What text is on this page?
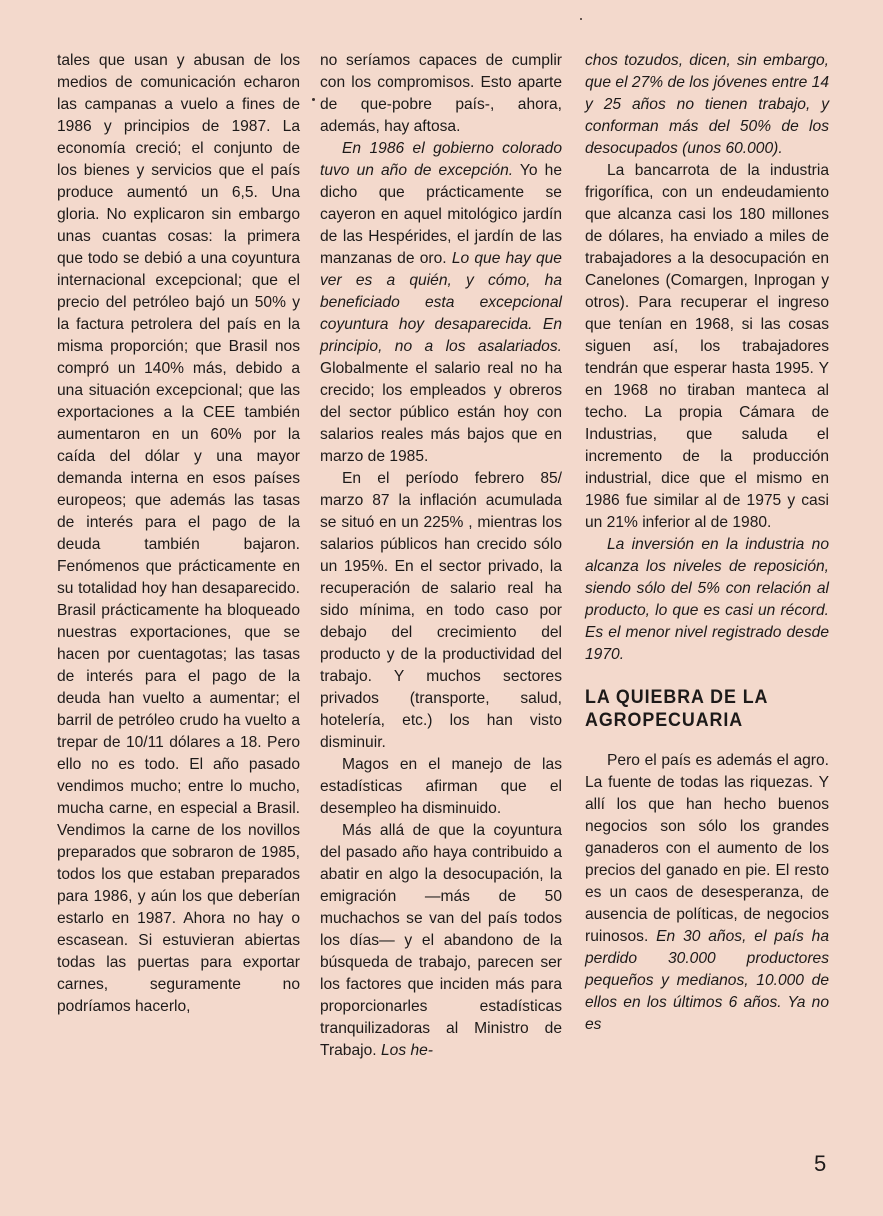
tales que usan y abusan de los medios de comunicación echaron las campanas a vuelo a fines de 1986 y principios de 1987. La economía creció; el conjunto de los bienes y servicios que el país produce aumentó un 6,5. Una gloria. No explicaron sin embargo unas cuantas cosas: la primera que todo se debió a una coyuntura internacional excepcional; que el precio del petróleo bajó un 50% y la factura petrolera del país en la misma proporción; que Brasil nos compró un 140% más, debido a una situación excepcional; que las exportaciones a la CEE también aumentaron en un 60% por la caída del dólar y una mayor demanda interna en esos países europeos; que además las tasas de interés para el pago de la deuda también bajaron. Fenómenos que prácticamente en su totalidad hoy han desaparecido. Brasil prácticamente ha bloqueado nuestras exportaciones, que se hacen por cuentagotas; las tasas de interés para el pago de la deuda han vuelto a aumentar; el barril de petróleo crudo ha vuelto a trepar de 10/11 dólares a 18. Pero ello no es todo. El año pasado vendimos mucho; entre lo mucho, mucha carne, en especial a Brasil. Vendimos la carne de los novillos preparados que sobraron de 1985, todos los que estaban preparados para 1986, y aún los que deberían estarlo en 1987. Ahora no hay o escasean. Si estuvieran abiertas todas las puertas para exportar carnes, seguramente no podríamos hacerlo,

no seríamos capaces de cumplir con los compromisos. Esto aparte de que-pobre país-, ahora, además, hay aftosa.

En 1986 el gobierno colorado tuvo un año de excepción. Yo he dicho que prácticamente se cayeron en aquel mitológico jardín de las Hespérides, el jardín de las manzanas de oro. Lo que hay que ver es a quién, y cómo, ha beneficiado esta excepcional coyuntura hoy desaparecida. En principio, no a los asalariados. Globalmente el salario real no ha crecido; los empleados y obreros del sector público están hoy con salarios reales más bajos que en marzo de 1985.

En el período febrero 85/ marzo 87 la inflación acumulada se situó en un 225% , mientras los salarios públicos han crecido sólo un 195%. En el sector privado, la recuperación de salario real ha sido mínima, en todo caso por debajo del crecimiento del producto y de la productividad del trabajo. Y muchos sectores privados (transporte, salud, hotelería, etc.) los han visto disminuir.

Magos en el manejo de las estadísticas afirman que el desempleo ha disminuido.

Más allá de que la coyuntura del pasado año haya contribuido a abatir en algo la desocupación, la emigración —más de 50 muchachos se van del país todos los días— y el abandono de la búsqueda de trabajo, parecen ser los factores que inciden más para proporcionarles estadísticas tranquilizadoras al Ministro de Trabajo. Los he-

chos tozudos, dicen, sin embargo, que el 27% de los jóvenes entre 14 y 25 años no tienen trabajo, y conforman más del 50% de los desocupados (unos 60.000).

La bancarrota de la industria frigorífica, con un endeudamiento que alcanza casi los 180 millones de dólares, ha enviado a miles de trabajadores a la desocupación en Canelones (Comargen, Inprogan y otros). Para recuperar el ingreso que tenían en 1968, si las cosas siguen así, los trabajadores tendrán que esperar hasta 1995. Y en 1968 no tiraban manteca al techo. La propia Cámara de Industrias, que saluda el incremento de la producción industrial, dice que el mismo en 1986 fue similar al de 1975 y casi un 21% inferior al de 1980.

La inversión en la industria no alcanza los niveles de reposición, siendo sólo del 5% con relación al producto, lo que es casi un récord. Es el menor nivel registrado desde 1970.

LA QUIEBRA DE LA AGROPECUARIA

Pero el país es además el agro. La fuente de todas las riquezas. Y allí los que han hecho buenos negocios son sólo los grandes ganaderos con el aumento de los precios del ganado en pie. El resto es un caos de desesperanza, de ausencia de políticas, de negocios ruinosos. En 30 años, el país ha perdido 30.000 productores pequeños y medianos, 10.000 de ellos en los últimos 6 años. Ya no es

5
